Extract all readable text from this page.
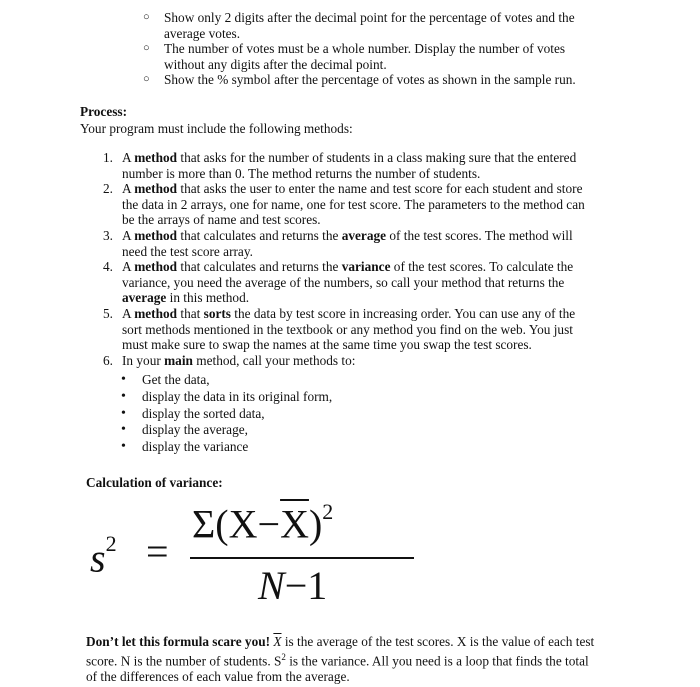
○ Show only 2 digits after the decimal point for the percentage of votes and the
average votes.
○ The number of votes must be a whole number. Display the number of votes
without any digits after the decimal point.
○ Show the % symbol after the percentage of votes as shown in the sample run.
Process:
Your program must include the following methods:
1. A method that asks for the number of students in a class making sure that the entered
number is more than 0. The method returns the number of students.
2. A method that asks the user to enter the name and test score for each student and store
the data in 2 arrays, one for name, one for test score. The parameters to the method can
be the arrays of name and test scores.
3. A method that calculates and returns the average of the test scores. The method will
need the test score array.
4. A method that calculates and returns the variance of the test scores. To calculate the
variance, you need the average of the numbers, so call your method that returns the
average in this method.
5. A method that sorts the data by test score in increasing order. You can use any of the
sort methods mentioned in the textbook or any method you find on the web. You just
must make sure to swap the names at the same time you swap the test scores.
6. In your main method, call your methods to:
• Get the data,
• display the data in its original form,
• display the sorted data,
• display the average,
• display the variance
Calculation of variance:
$s^2$ =
$\Sigma(X-\overline{X})^2$
N−1
Don’t let this formula scare you! $\overline{X}$ is the average of the test scores. X is the value of each test
score. N is the number of students. $S^2$ is the variance. All you need is a loop that finds the total
of the differences of each value from the average.
